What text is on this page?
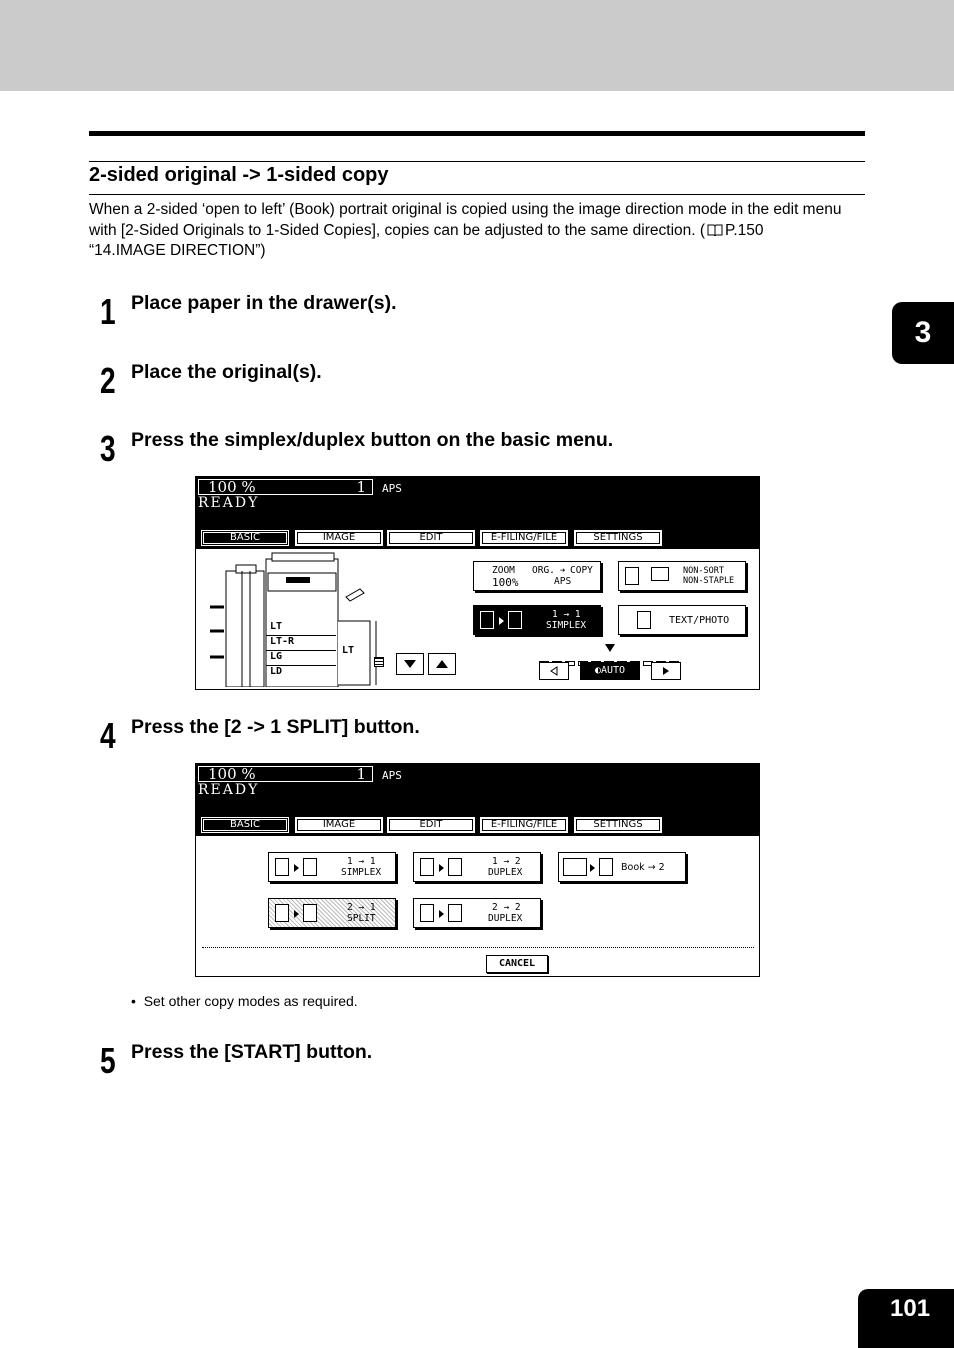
2-sided original -> 1-sided copy
When a 2-sided ‘open to left’ (Book) portrait original is copied using the image direction mode in the edit menu with [2-Sided Originals to 1-Sided Copies], copies can be adjusted to the same direction. ( P.150
“14.IMAGE DIRECTION”)
3
1 Place paper in the drawer(s).
2 Place the original(s).
3 Press the simplex/duplex button on the basic menu.
100 %	1 APS
READY
BASIC	IMAGE	EDIT	E-FILING/FILE	SETTINGS
LT
LT-R
LG
LD
LT
ZOOM
100%
ORG. ➔ COPY
APS
NON-SORT
NON-STAPLE
1 → 1
SIMPLEX	TEXT/PHOTO
◐AUTO
4 Press the [2 -> 1 SPLIT] button.
100 %	1 APS
READY
BASIC	IMAGE	EDIT	E-FILING/FILE	SETTINGS
1 → 1
SIMPLEX
1 → 2
DUPLEX	Book → 2
2 → 1
SPLIT
2 → 2
DUPLEX
CANCEL
•  Set other copy modes as required.
5 Press the [START] button.
101
